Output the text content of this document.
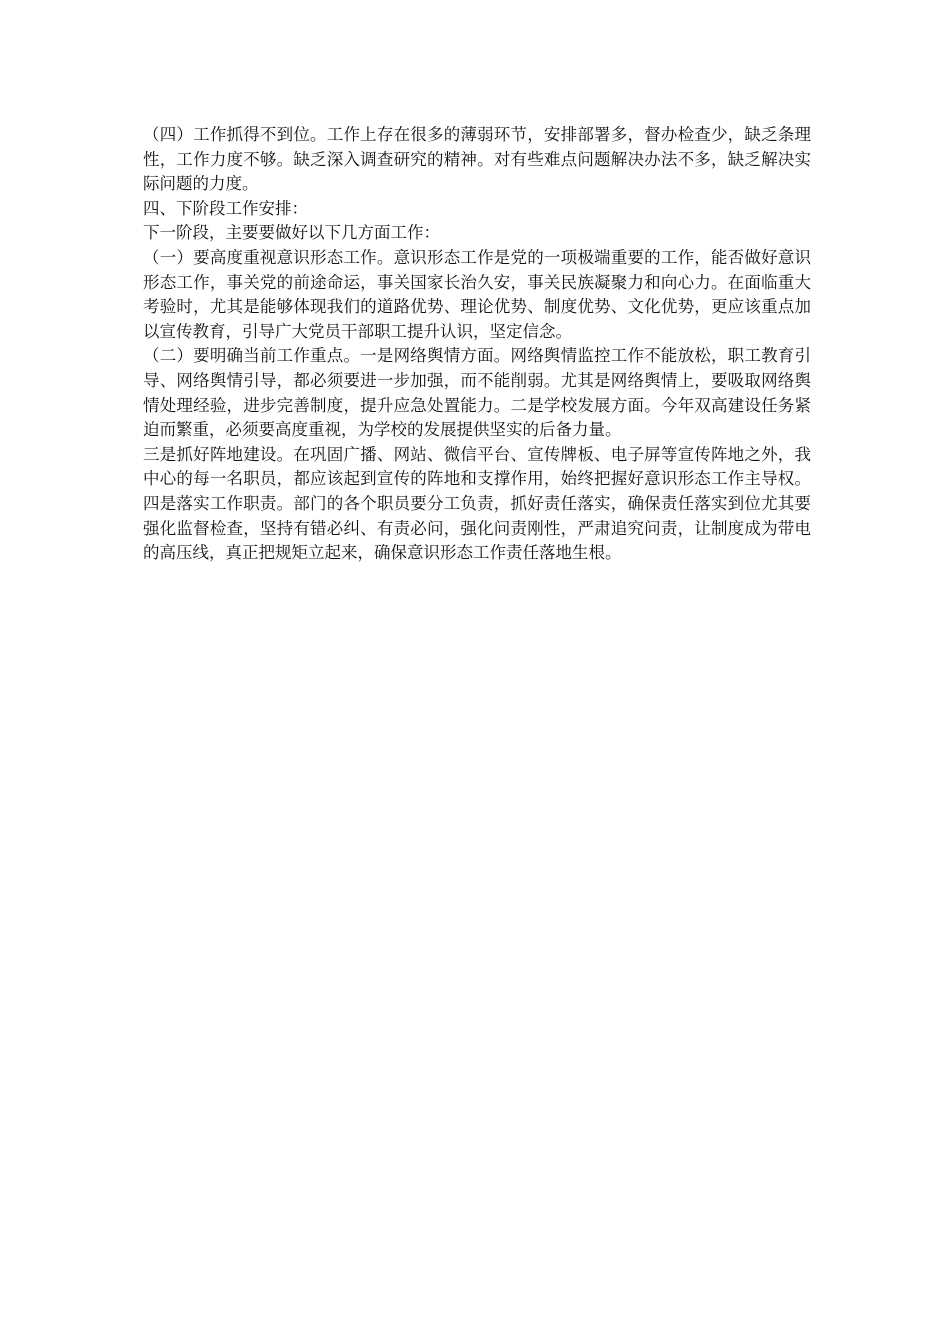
（四）工作抓得不到位。工作上存在很多的薄弱环节，安排部署多，督办检查少，缺乏条理性，工作力度不够。缺乏深入调查研究的精神。对有些难点问题解决办法不多，缺乏解决实际问题的力度。

四、下阶段工作安排：

下一阶段，主要要做好以下几方面工作：

（一）要高度重视意识形态工作。意识形态工作是党的一项极端重要的工作，能否做好意识形态工作，事关党的前途命运，事关国家长治久安，事关民族凝聚力和向心力。在面临重大考验时，尤其是能够体现我们的道路优势、理论优势、制度优势、文化优势，更应该重点加以宣传教育，引导广大党员干部职工提升认识，坚定信念。

（二）要明确当前工作重点。一是网络舆情方面。网络舆情监控工作不能放松，职工教育引导、网络舆情引导，都必须要进一步加强，而不能削弱。尤其是网络舆情上，要吸取网络舆情处理经验，进步完善制度，提升应急处置能力。二是学校发展方面。今年双高建设任务紧迫而繁重，必须要高度重视，为学校的发展提供坚实的后备力量。

三是抓好阵地建设。在巩固广播、网站、微信平台、宣传牌板、电子屏等宣传阵地之外，我中心的每一名职员，都应该起到宣传的阵地和支撑作用，始终把握好意识形态工作主导权。四是落实工作职责。部门的各个职员要分工负责，抓好责任落实，确保责任落实到位尤其要强化监督检查，坚持有错必纠、有责必问，强化问责刚性，严肃追究问责，让制度成为带电的高压线，真正把规矩立起来，确保意识形态工作责任落地生根。
